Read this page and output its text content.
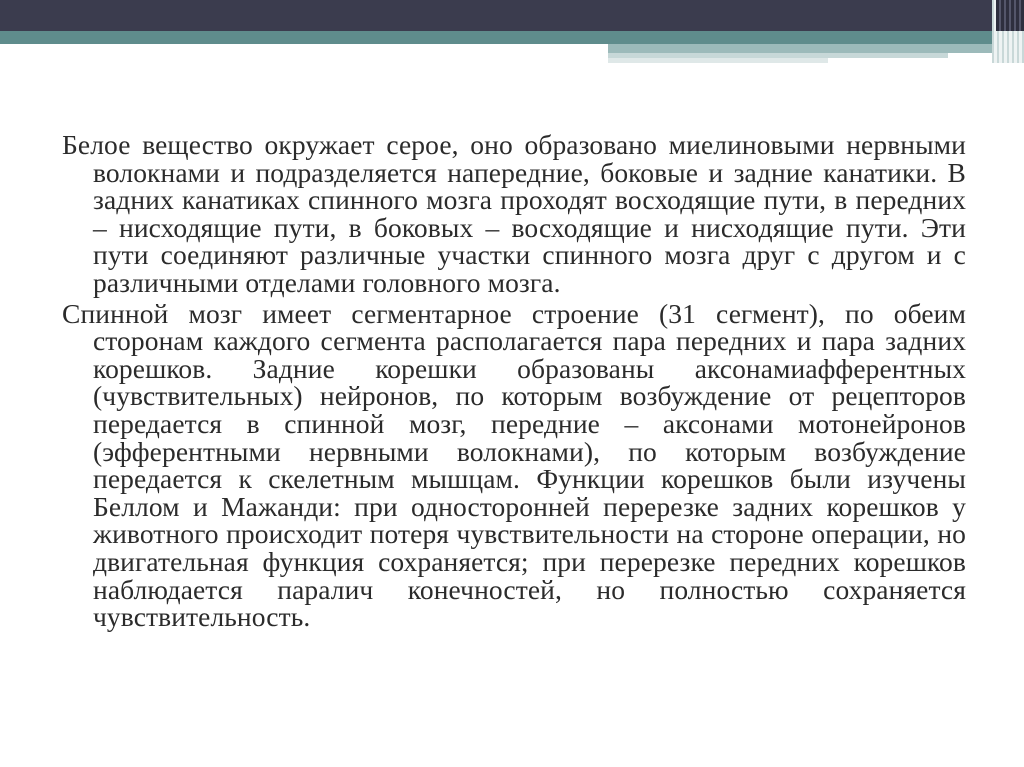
Белое вещество окружает серое, оно образовано миелиновыми нервными волокнами и подразделяется напередние, боковые и задние канатики. В задних канатиках спинного мозга проходят восходящие пути, в передних – нисходящие пути, в боковых – восходящие и нисходящие пути. Эти пути соединяют различные участки спинного мозга друг с другом и с различными отделами головного мозга.

Спинной мозг имеет сегментарное строение (31 сегмент), по обеим сторонам каждого сегмента располагается пара передних и пара задних корешков. Задние корешки образованы аксонамиафферентных (чувствительных) нейронов, по которым возбуждение от рецепторов передается в спинной мозг, передние – аксонами мотонейронов (эфферентными нервными волокнами), по которым возбуждение передается к скелетным мышцам. Функции корешков были изучены Беллом и Мажанди: при односторонней перерезке задних корешков у животного происходит потеря чувствительности на стороне операции, но двигательная функция сохраняется; при перерезке передних корешков наблюдается паралич конечностей, но полностью сохраняется чувствительность.
